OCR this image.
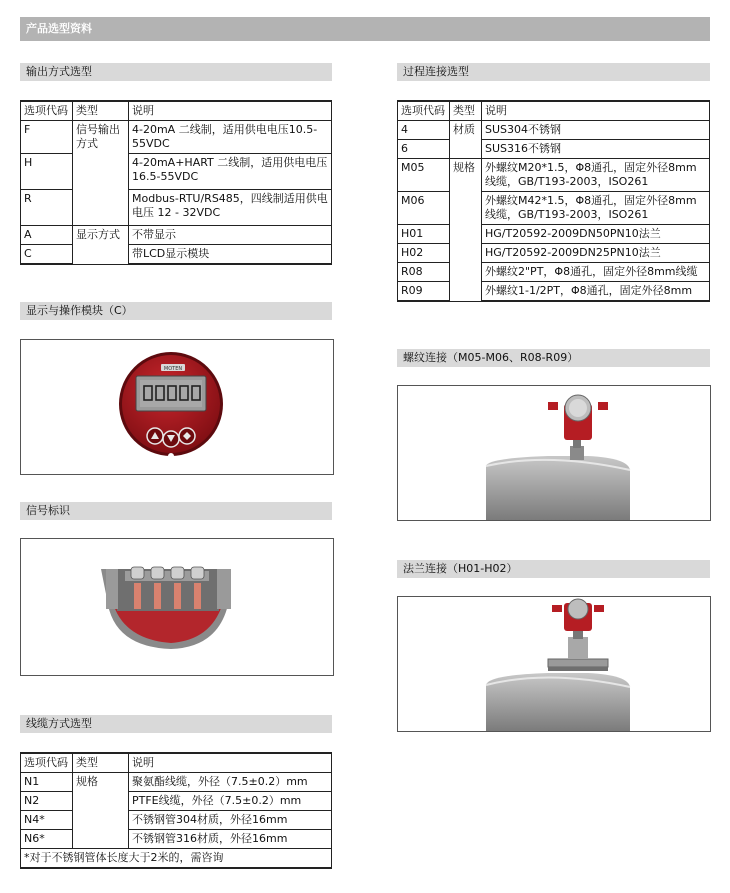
产品选型资料
输出方式选型
选项代码	类型	说明
F	信号输出方式	4-20mA 二线制，适用供电电压10.5-55VDC
H		4-20mA+HART 二线制，适用供电电压16.5-55VDC
R		Modbus-RTU/RS485，四线制适用供电电压 12 - 32VDC
A	显示方式	不带显示
C		带LCD显示模块
显示与操作模块（C）
MOTEN
信号标识
线缆方式选型
选项代码	类型	说明
N1	规格	聚氨酯线缆，外径（7.5±0.2）mm
N2		PTFE线缆，外径（7.5±0.2）mm
N4*		不锈钢管304材质，外径16mm
N6*		不锈钢管316材质，外径16mm
*对于不锈钢管体长度大于2米的，需咨询		
过程连接选型
选项代码	类型	说明
4	材质	SUS304不锈钢
6		SUS316不锈钢
M05	规格	外螺纹M20*1.5，Φ8通孔，固定外径8mm线缆，GB/T193-2003，ISO261
M06		外螺纹M42*1.5，Φ8通孔，固定外径8mm线缆，GB/T193-2003，ISO261
H01		HG/T20592-2009DN50PN10法兰
H02		HG/T20592-2009DN25PN10法兰
R08		外螺纹2"PT，Φ8通孔，固定外径8mm线缆
R09		外螺纹1-1/2PT，Φ8通孔，固定外径8mm
螺纹连接（M05-M06、R08-R09）
法兰连接（H01-H02）
